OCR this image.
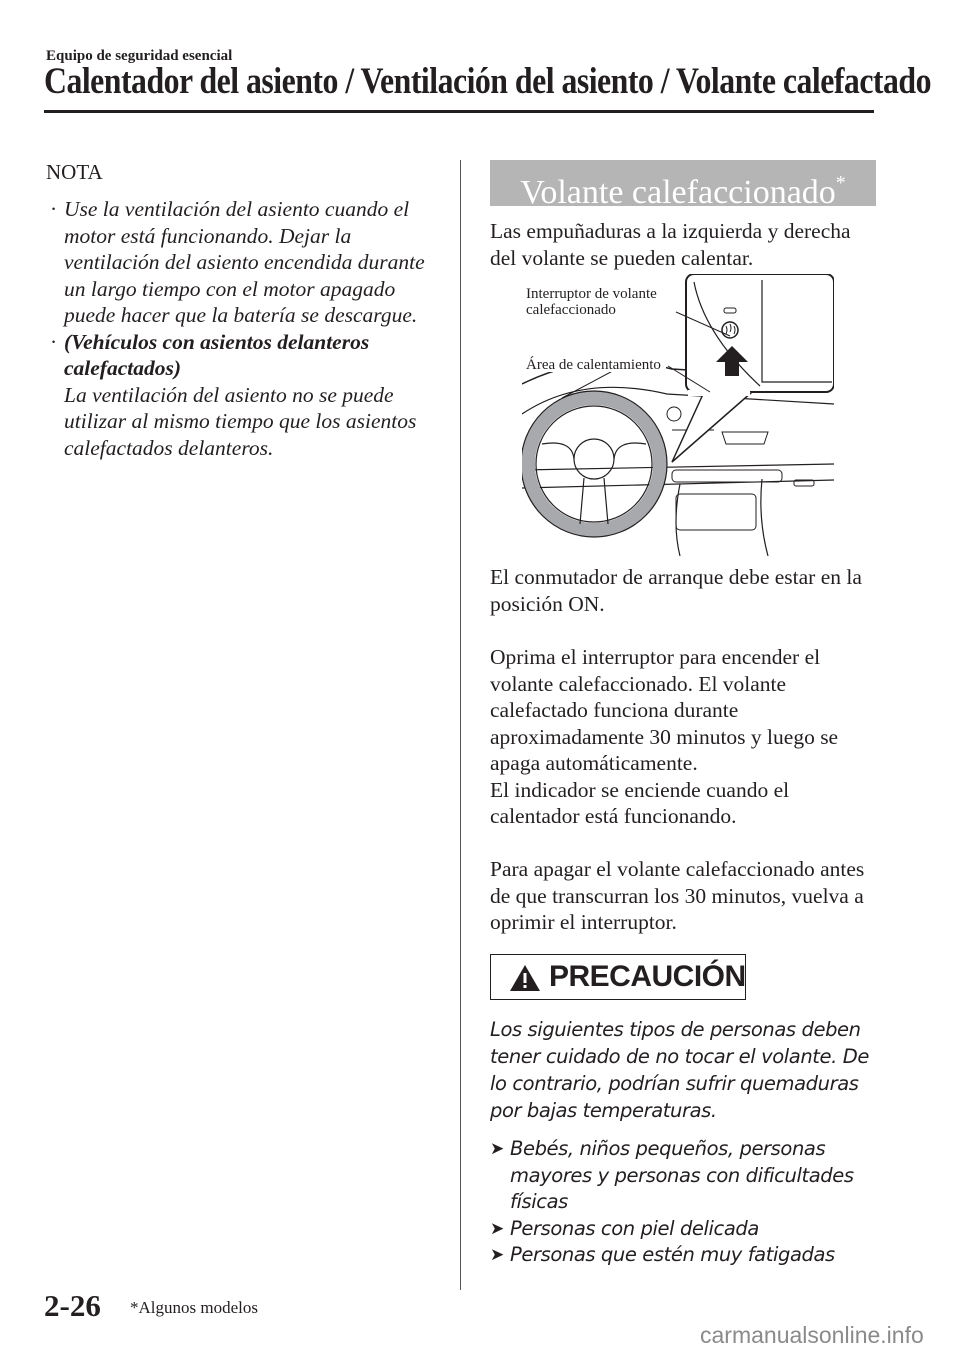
Equipo de seguridad esencial
Calentador del asiento / Ventilación del asiento / Volante calefactado
NOTA
· Use la ventilación del asiento cuando el motor está funcionando. Dejar la ventilación del asiento encendida durante un largo tiempo con el motor apagado puede hacer que la batería se descargue.
· (Vehículos con asientos delanteros calefactados)
La ventilación del asiento no se puede utilizar al mismo tiempo que los asientos calefactados delanteros.
Volante calefaccionado*
Las empuñaduras a la izquierda y derecha del volante se pueden calentar.
Interruptor de volante
calefaccionado
Área de calentamiento
El conmutador de arranque debe estar en la posición ON.
Oprima el interruptor para encender el volante calefaccionado. El volante calefactado funciona durante aproximadamente 30 minutos y luego se apaga automáticamente.
El indicador se enciende cuando el calentador está funcionando.
Para apagar el volante calefaccionado antes de que transcurran los 30 minutos, vuelva a oprimir el interruptor.
PRECAUCIÓN
Los siguientes tipos de personas deben tener cuidado de no tocar el volante. De lo contrario, podrían sufrir quemaduras por bajas temperaturas.
➤ Bebés, niños pequeños, personas mayores y personas con dificultades físicas
➤ Personas con piel delicada
➤ Personas que estén muy fatigadas
2-26 *Algunos modelos
carmanualsonline.info
